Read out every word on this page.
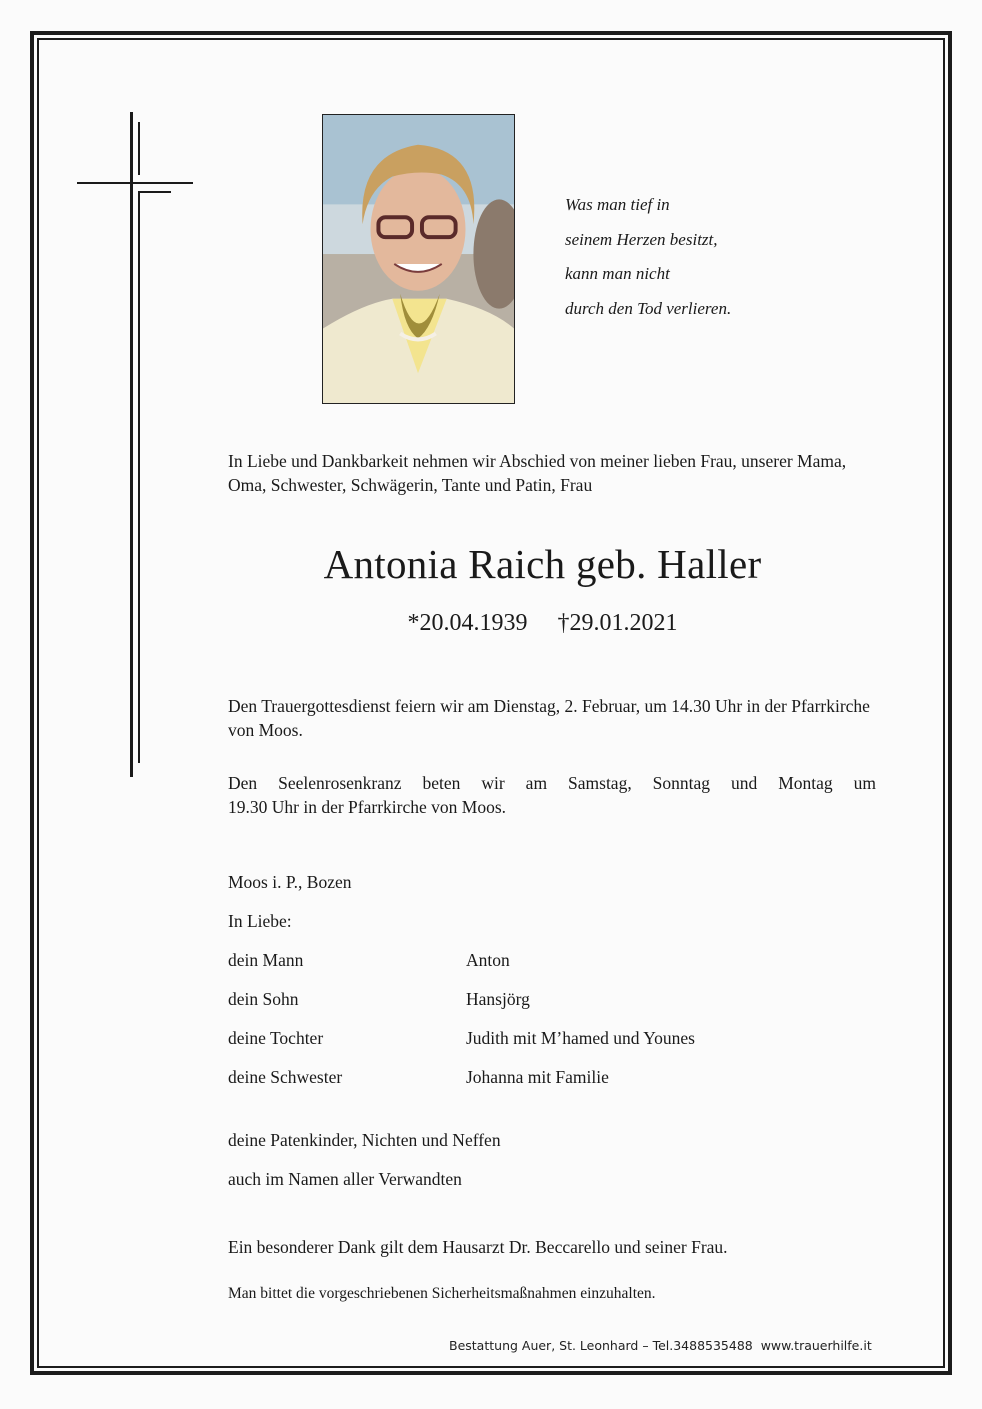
Was man tief in
seinem Herzen besitzt,
kann man nicht
durch den Tod verlieren.
In Liebe und Dankbarkeit nehmen wir Abschied von meiner lieben Frau, unserer Mama, Oma, Schwester, Schwägerin, Tante und Patin, Frau
Antonia Raich geb. Haller
*20.04.1939 †29.01.2021
Den Trauergottesdienst feiern wir am Dienstag, 2. Februar, um 14.30 Uhr in der Pfarrkirche von Moos.
Den Seelenrosenkranz beten wir am Samstag, Sonntag und Montag um
19.30 Uhr in der Pfarrkirche von Moos.
Moos i. P., Bozen
In Liebe:
dein Mann	Anton
dein Sohn	Hansjörg
deine Tochter	Judith mit M’hamed und Younes
deine Schwester	Johanna mit Familie
deine Patenkinder, Nichten und Neffen
auch im Namen aller Verwandten
Ein besonderer Dank gilt dem Hausarzt Dr. Beccarello und seiner Frau.
Man bittet die vorgeschriebenen Sicherheitsmaßnahmen einzuhalten.
Bestattung Auer, St. Leonhard – Tel.3488535488  www.trauerhilfe.it
